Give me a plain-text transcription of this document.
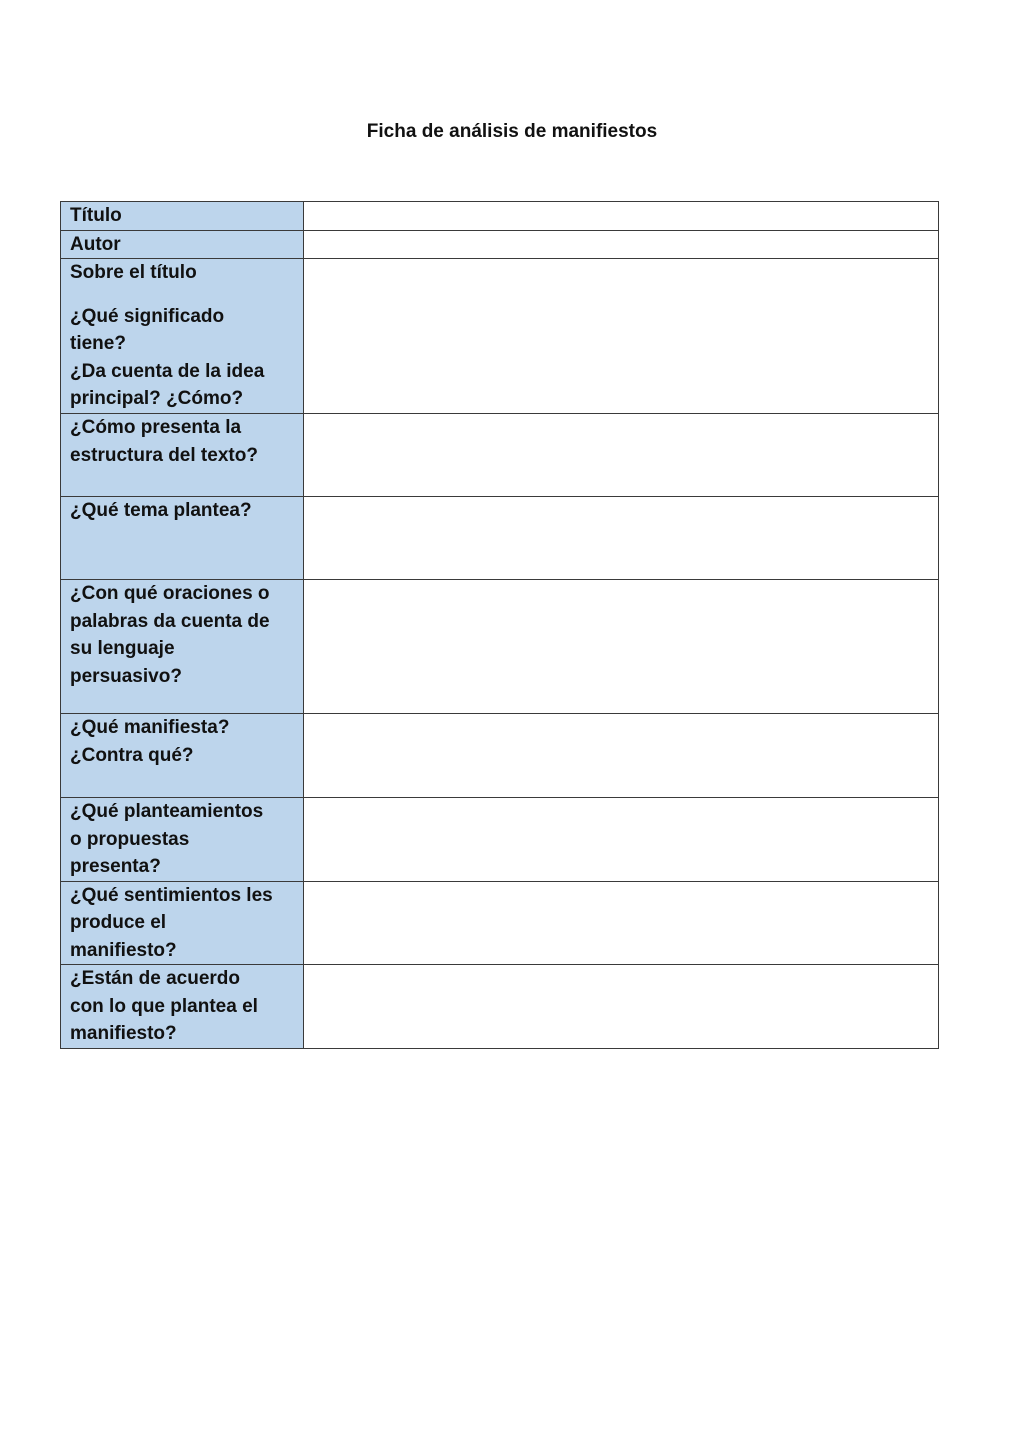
Ficha de análisis de manifiestos
Título	

Autor	

Sobre el título
¿Qué significado
tiene?
¿Da cuenta de la idea
principal? ¿Cómo?	

¿Cómo presenta la
estructura del texto?	

¿Qué tema plantea?	

¿Con qué oraciones o
palabras da cuenta de
su lenguaje
persuasivo?	

¿Qué manifiesta?
¿Contra qué?	

¿Qué planteamientos
o propuestas
presenta?	

¿Qué sentimientos les
produce el
manifiesto?	

¿Están de acuerdo
con lo que plantea el
manifiesto?	
